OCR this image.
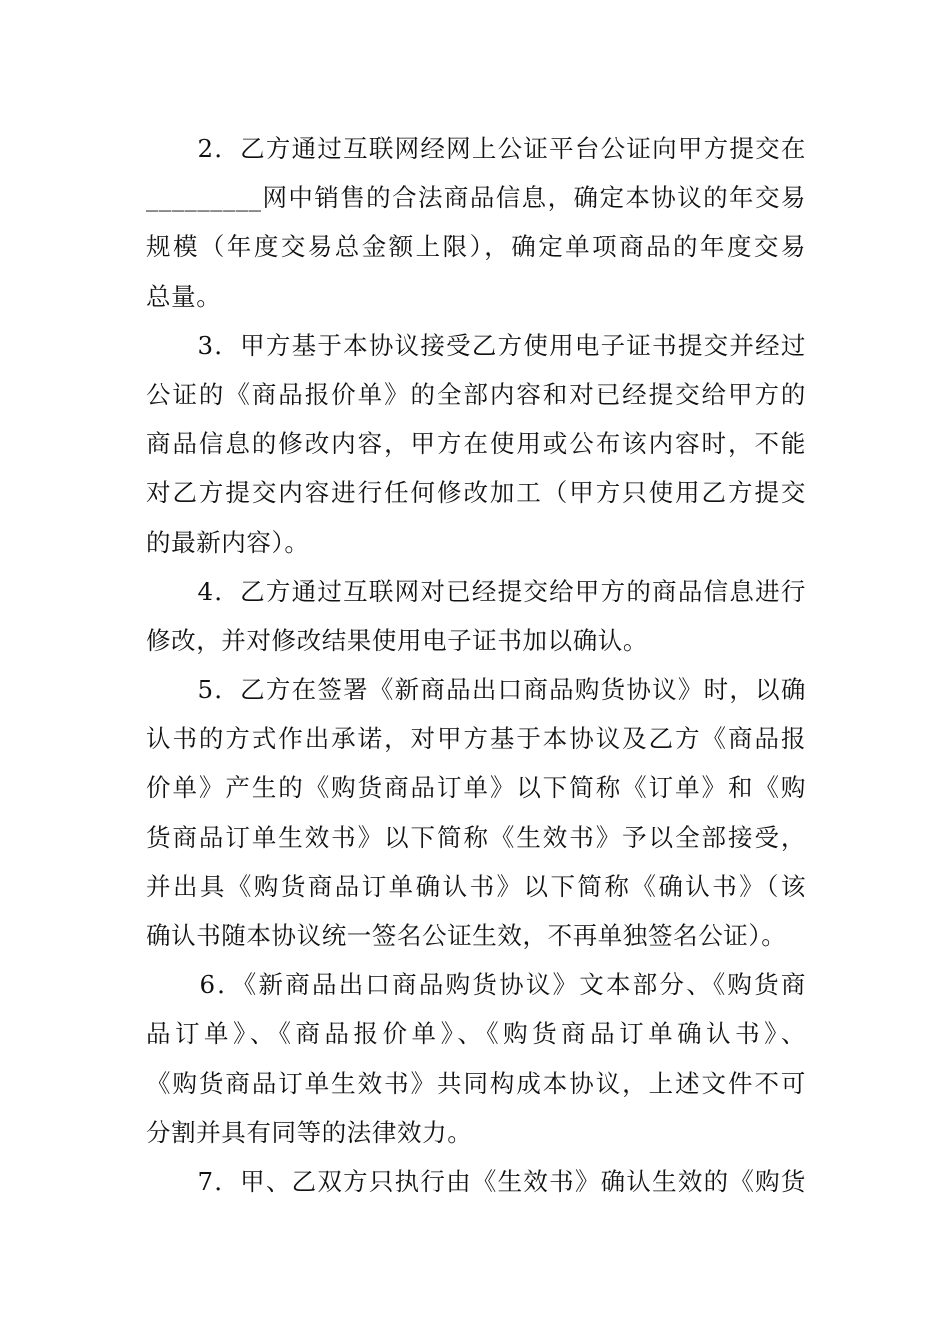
　　2．乙方通过互联网经网上公证平台公证向甲方提交在
_________网中销售的合法商品信息，确定本协议的年交易
规模（年度交易总金额上限），确定单项商品的年度交易
总量。
　　3．甲方基于本协议接受乙方使用电子证书提交并经过
公证的《商品报价单》的全部内容和对已经提交给甲方的
商品信息的修改内容，甲方在使用或公布该内容时，不能
对乙方提交内容进行任何修改加工（甲方只使用乙方提交
的最新内容）。
　　4．乙方通过互联网对已经提交给甲方的商品信息进行
修改，并对修改结果使用电子证书加以确认。
　　5．乙方在签署《新商品出口商品购货协议》时，以确
认书的方式作出承诺，对甲方基于本协议及乙方《商品报
价单》产生的《购货商品订单》以下简称《订单》和《购
货商品订单生效书》以下简称《生效书》予以全部接受，
并出具《购货商品订单确认书》以下简称《确认书》（该
确认书随本协议统一签名公证生效，不再单独签名公证）。
　　6．《新商品出口商品购货协议》文本部分、《购货商
品订单》、《商品报价单》、《购货商品订单确认书》、
《购货商品订单生效书》共同构成本协议，上述文件不可
分割并具有同等的法律效力。
　　7．甲、乙双方只执行由《生效书》确认生效的《购货
